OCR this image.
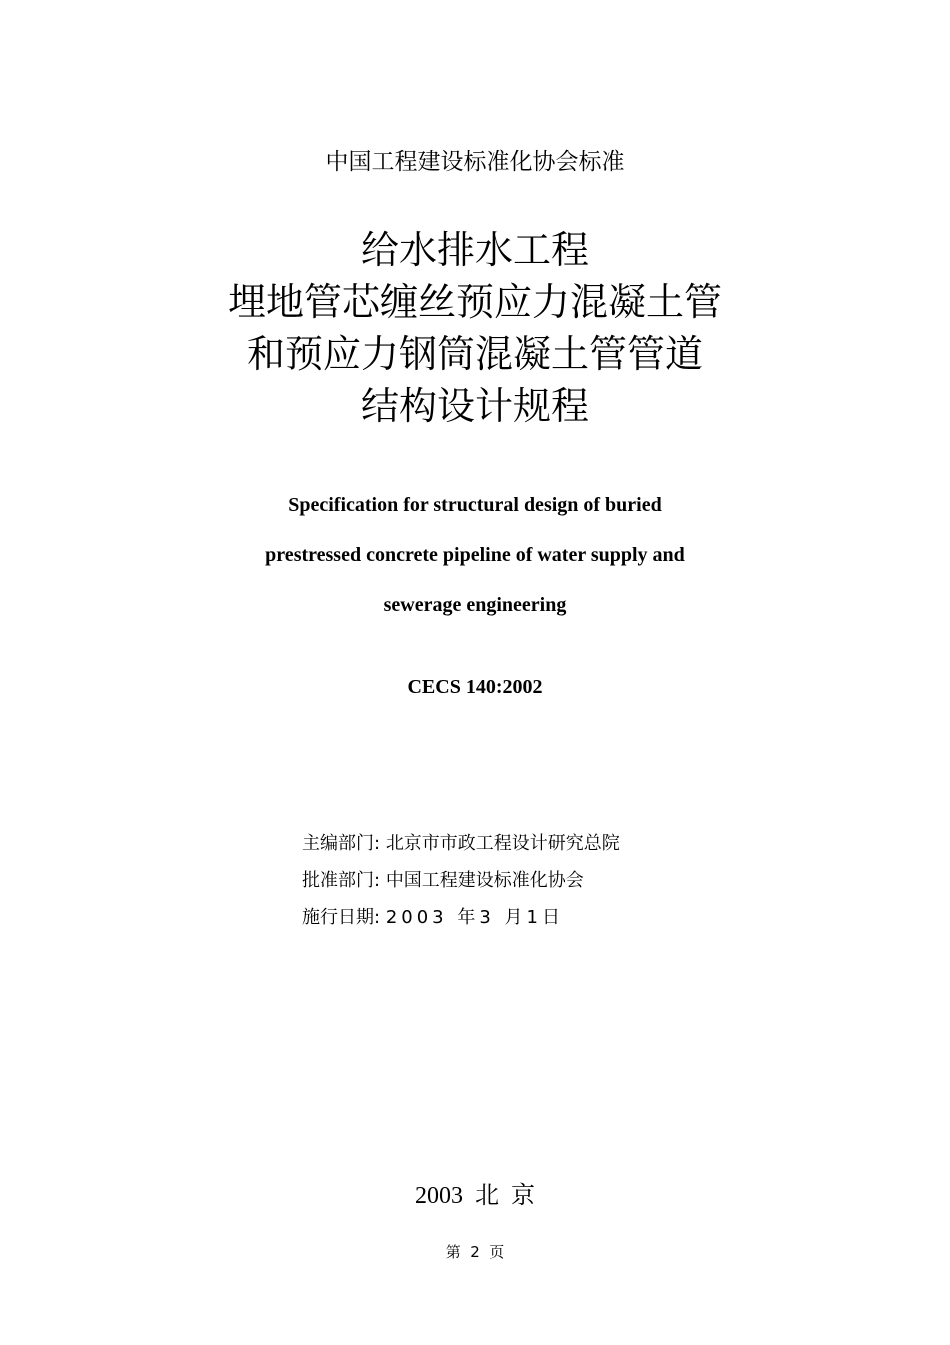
中国工程建设标准化协会标准
给水排水工程
埋地管芯缠丝预应力混凝土管
和预应力钢筒混凝土管管道
结构设计规程
Specification for structural design of buried
prestressed concrete pipeline of water supply and
sewerage engineering
CECS 140:2002
主编部门: 北京市市政工程设计研究总院
批准部门: 中国工程建设标准化协会
施行日期: 2003 年3 月1日
2003  北  京
第  2  页
